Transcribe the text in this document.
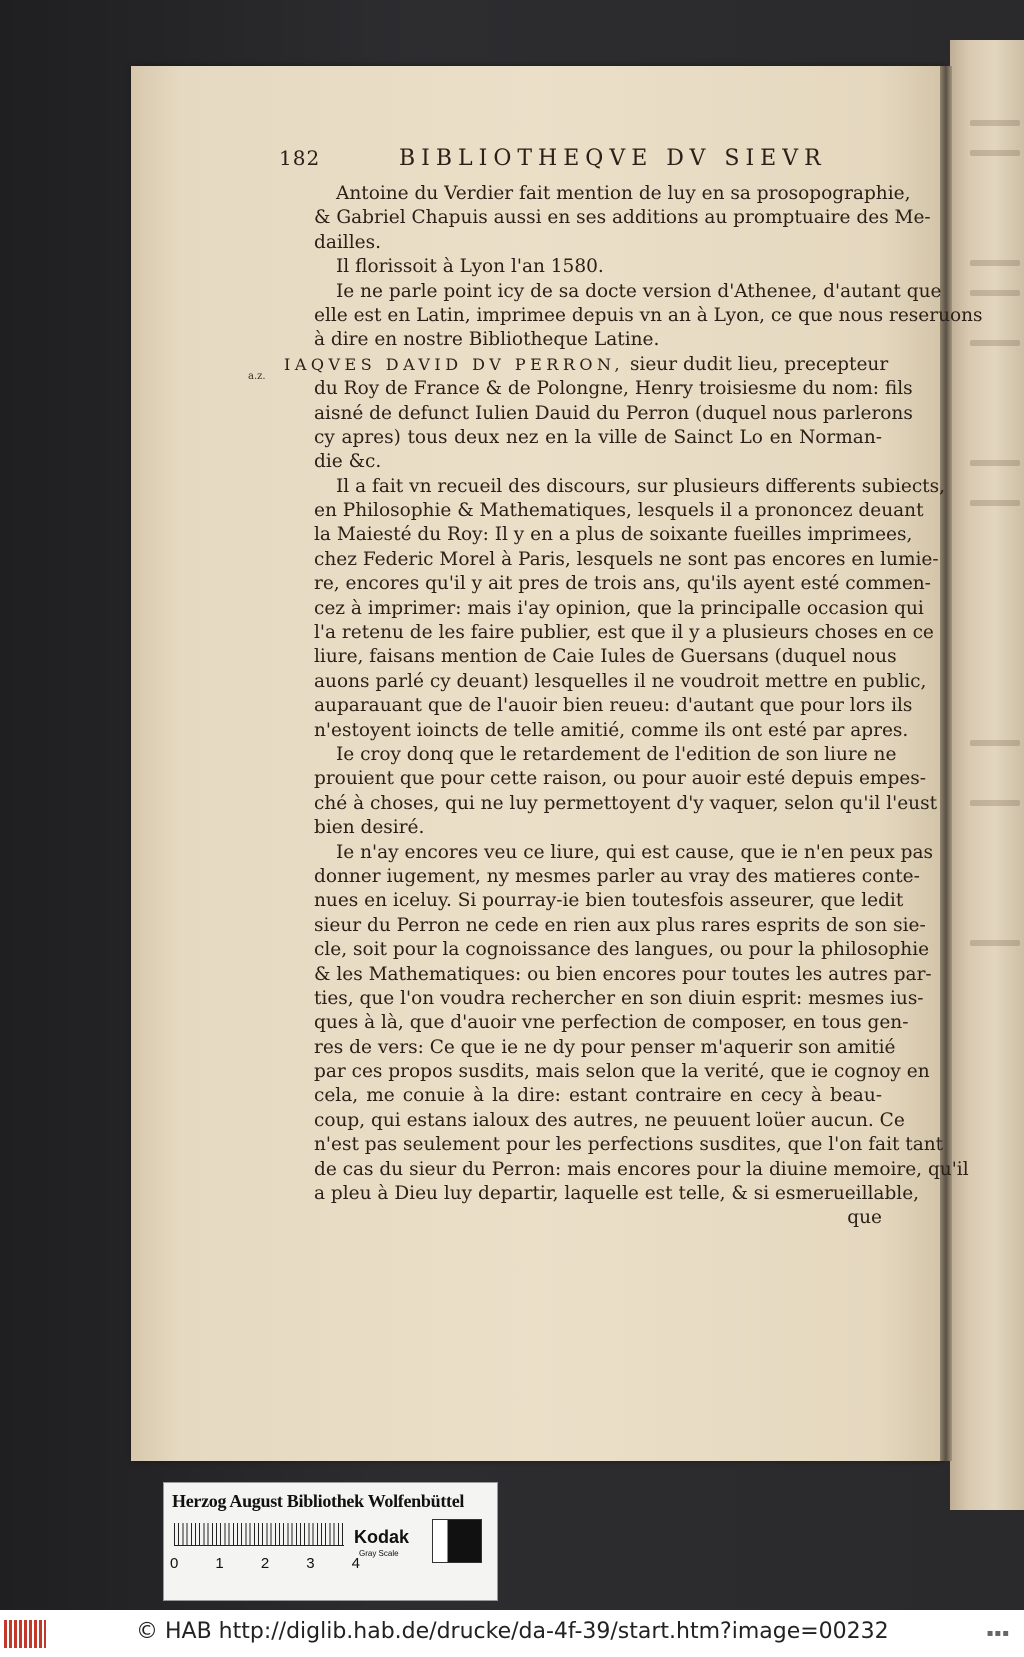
182	BIBLIOTHEQVE DV SIEVR
a.z.
Antoine du Verdier fait mention de luy en sa prosopographie,
& Gabriel Chapuis aussi en ses additions au promptuaire des Me-
dailles.
Il florissoit à Lyon l'an 1580.
Ie ne parle point icy de sa docte version d'Athenee, d'autant que
elle est en Latin, imprimee depuis vn an à Lyon, ce que nous reseruons
à dire en nostre Bibliotheque Latine.
IAQVES DAVID DV PERRON, sieur dudit lieu, precepteur
du Roy de France & de Polongne, Henry troisiesme du nom: fils
aisné de defunct Iulien Dauid du Perron (duquel nous parlerons
cy apres) tous deux nez en la ville de Sainct Lo en Norman-
die &c.
Il a fait vn recueil des discours, sur plusieurs differents subiects,
en Philosophie & Mathematiques, lesquels il a prononcez deuant
la Maiesté du Roy: Il y en a plus de soixante fueilles imprimees,
chez Federic Morel à Paris, lesquels ne sont pas encores en lumie-
re, encores qu'il y ait pres de trois ans, qu'ils ayent esté commen-
cez à imprimer: mais i'ay opinion, que la principalle occasion qui
l'a retenu de les faire publier, est que il y a plusieurs choses en ce
liure, faisans mention de Caie Iules de Guersans (duquel nous
auons parlé cy deuant) lesquelles il ne voudroit mettre en public,
auparauant que de l'auoir bien reueu: d'autant que pour lors ils
n'estoyent ioincts de telle amitié, comme ils ont esté par apres.
Ie croy donq que le retardement de l'edition de son liure ne
prouient que pour cette raison, ou pour auoir esté depuis empes-
ché à choses, qui ne luy permettoyent d'y vaquer, selon qu'il l'eust
bien desiré.
Ie n'ay encores veu ce liure, qui est cause, que ie n'en peux pas
donner iugement, ny mesmes parler au vray des matieres conte-
nues en iceluy. Si pourray-ie bien toutesfois asseurer, que ledit
sieur du Perron ne cede en rien aux plus rares esprits de son sie-
cle, soit pour la cognoissance des langues, ou pour la philosophie
& les Mathematiques: ou bien encores pour toutes les autres par-
ties, que l'on voudra rechercher en son diuin esprit: mesmes ius-
ques à là, que d'auoir vne perfection de composer, en tous gen-
res de vers: Ce que ie ne dy pour penser m'aquerir son amitié
par ces propos susdits, mais selon que la verité, que ie cognoy en
cela, me conuie à la dire: estant contraire en cecy à beau-
coup, qui estans ialoux des autres, ne peuuent loüer aucun. Ce
n'est pas seulement pour les perfections susdites, que l'on fait tant
de cas du sieur du Perron: mais encores pour la diuine memoire, qu'il
a pleu à Dieu luy departir, laquelle est telle, & si esmerueillable,
que
Herzog August Bibliothek Wolfenbüttel
0 1 2 3 4
Kodak
Gray Scale
© HAB http://diglib.hab.de/drucke/da-4f-39/start.htm?image=00232	▪▪▪
